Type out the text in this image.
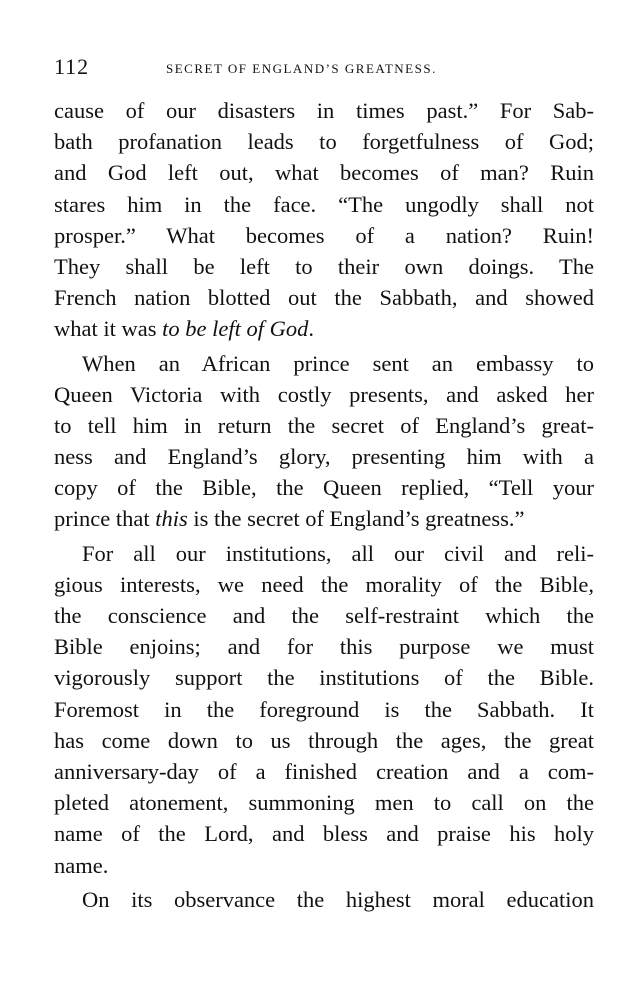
112	SECRET OF ENGLAND’S GREATNESS.
cause of our disasters in times past.” For Sab-
bath profanation leads to forgetfulness of God;
and God left out, what becomes of man? Ruin
stares him in the face. “The ungodly shall not
prosper.” What becomes of a nation? Ruin!
They shall be left to their own doings. The
French nation blotted out the Sabbath, and showed
what it was to be left of God.
When an African prince sent an embassy to
Queen Victoria with costly presents, and asked her
to tell him in return the secret of England’s great-
ness and England’s glory, presenting him with a
copy of the Bible, the Queen replied, “Tell your
prince that this is the secret of England’s greatness.”
For all our institutions, all our civil and reli-
gious interests, we need the morality of the Bible,
the conscience and the self-restraint which the
Bible enjoins; and for this purpose we must
vigorously support the institutions of the Bible.
Foremost in the foreground is the Sabbath. It
has come down to us through the ages, the great
anniversary-day of a finished creation and a com-
pleted atonement, summoning men to call on the
name of the Lord, and bless and praise his holy
name.
On its observance the highest moral education
